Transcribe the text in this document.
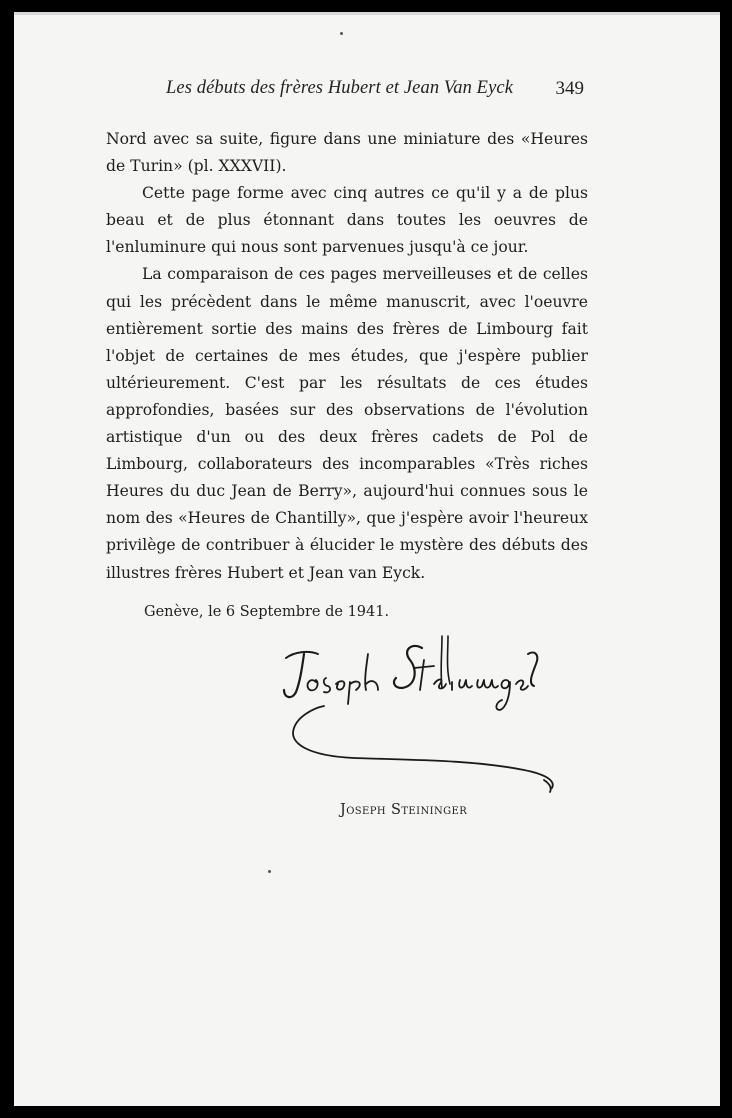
Les débuts des frères Hubert et Jean Van Eyck 349

Nord avec sa suite, figure dans une miniature des «Heures de Turin» (pl. XXXVII).

Cette page forme avec cinq autres ce qu'il y a de plus beau et de plus étonnant dans toutes les oeuvres de l'enluminure qui nous sont parvenues jusqu'à ce jour.

La comparaison de ces pages merveilleuses et de celles qui les précèdent dans le même manuscrit, avec l'oeuvre entièrement sortie des mains des frères de Limbourg fait l'objet de certaines de mes études, que j'espère publier ultérieurement. C'est par les résultats de ces études approfondies, basées sur des observations de l'évolution artistique d'un ou des deux frères cadets de Pol de Limbourg, collaborateurs des incomparables «Très riches Heures du duc Jean de Berry», aujourd'hui connues sous le nom des «Heures de Chantilly», que j'espère avoir l'heureux privilège de contribuer à élucider le mystère des débuts des illustres frères Hubert et Jean van Eyck.

Genève, le 6 Septembre de 1941.
Joseph Steininger
